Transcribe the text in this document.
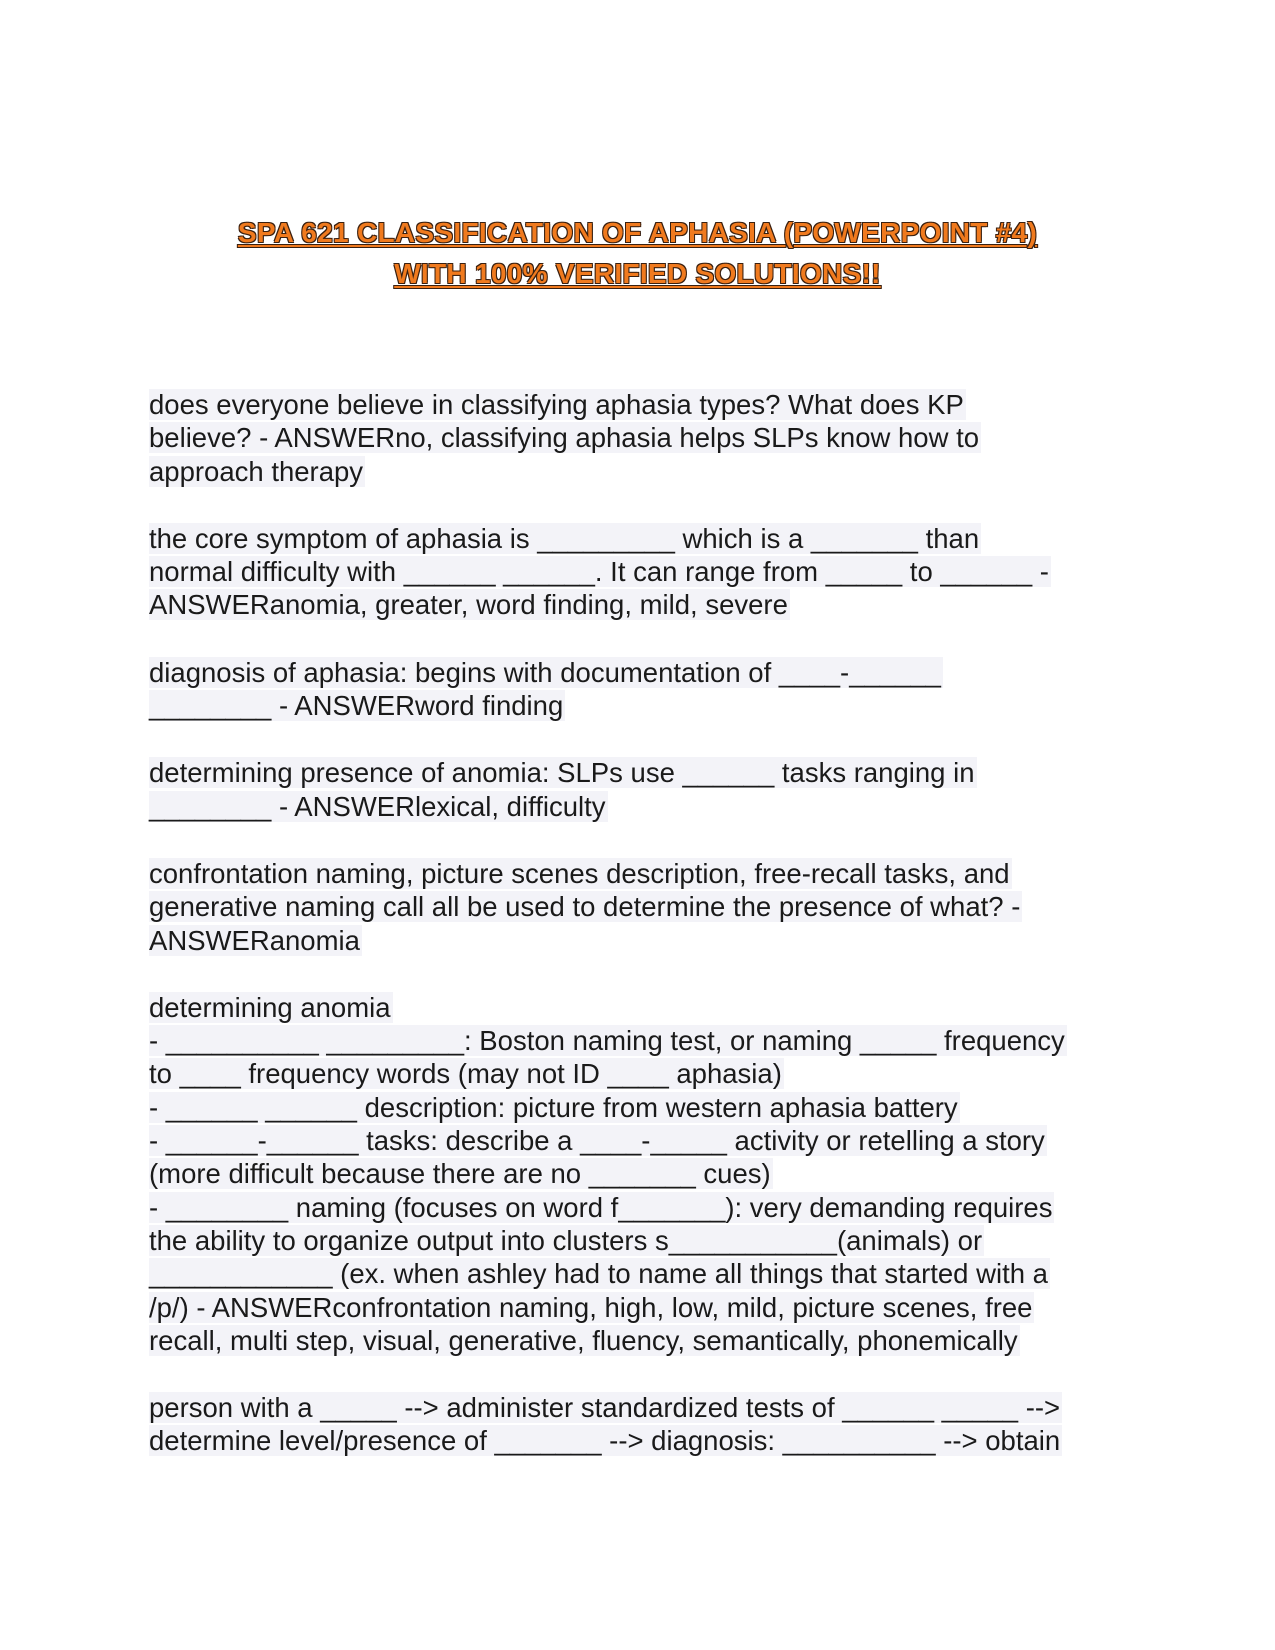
SPA 621 CLASSIFICATION OF APHASIA (POWERPOINT #4)
WITH 100% VERIFIED SOLUTIONS!!
does everyone believe in classifying aphasia types? What does KP
believe? - ANSWERno, classifying aphasia helps SLPs know how to
approach therapy
the core symptom of aphasia is _________ which is a _______ than
normal difficulty with ______ ______. It can range from _____ to ______ -
ANSWERanomia, greater, word finding, mild, severe
diagnosis of aphasia: begins with documentation of ____-______
________ - ANSWERword finding
determining presence of anomia: SLPs use ______ tasks ranging in
________ - ANSWERlexical, difficulty
confrontation naming, picture scenes description, free-recall tasks, and
generative naming call all be used to determine the presence of what? -
ANSWERanomia
determining anomia
- __________ _________: Boston naming test, or naming _____ frequency
to ____ frequency words (may not ID ____ aphasia)
- ______ ______ description: picture from western aphasia battery
- ______-______ tasks: describe a ____-_____ activity or retelling a story
(more difficult because there are no _______ cues)
- ________ naming (focuses on word f_______): very demanding requires
the ability to organize output into clusters s___________(animals) or
____________ (ex. when ashley had to name all things that started with a
/p/) - ANSWERconfrontation naming, high, low, mild, picture scenes, free
recall, multi step, visual, generative, fluency, semantically, phonemically
person with a _____ --> administer standardized tests of ______ _____ -->
determine level/presence of _______ --> diagnosis: __________ --> obtain
